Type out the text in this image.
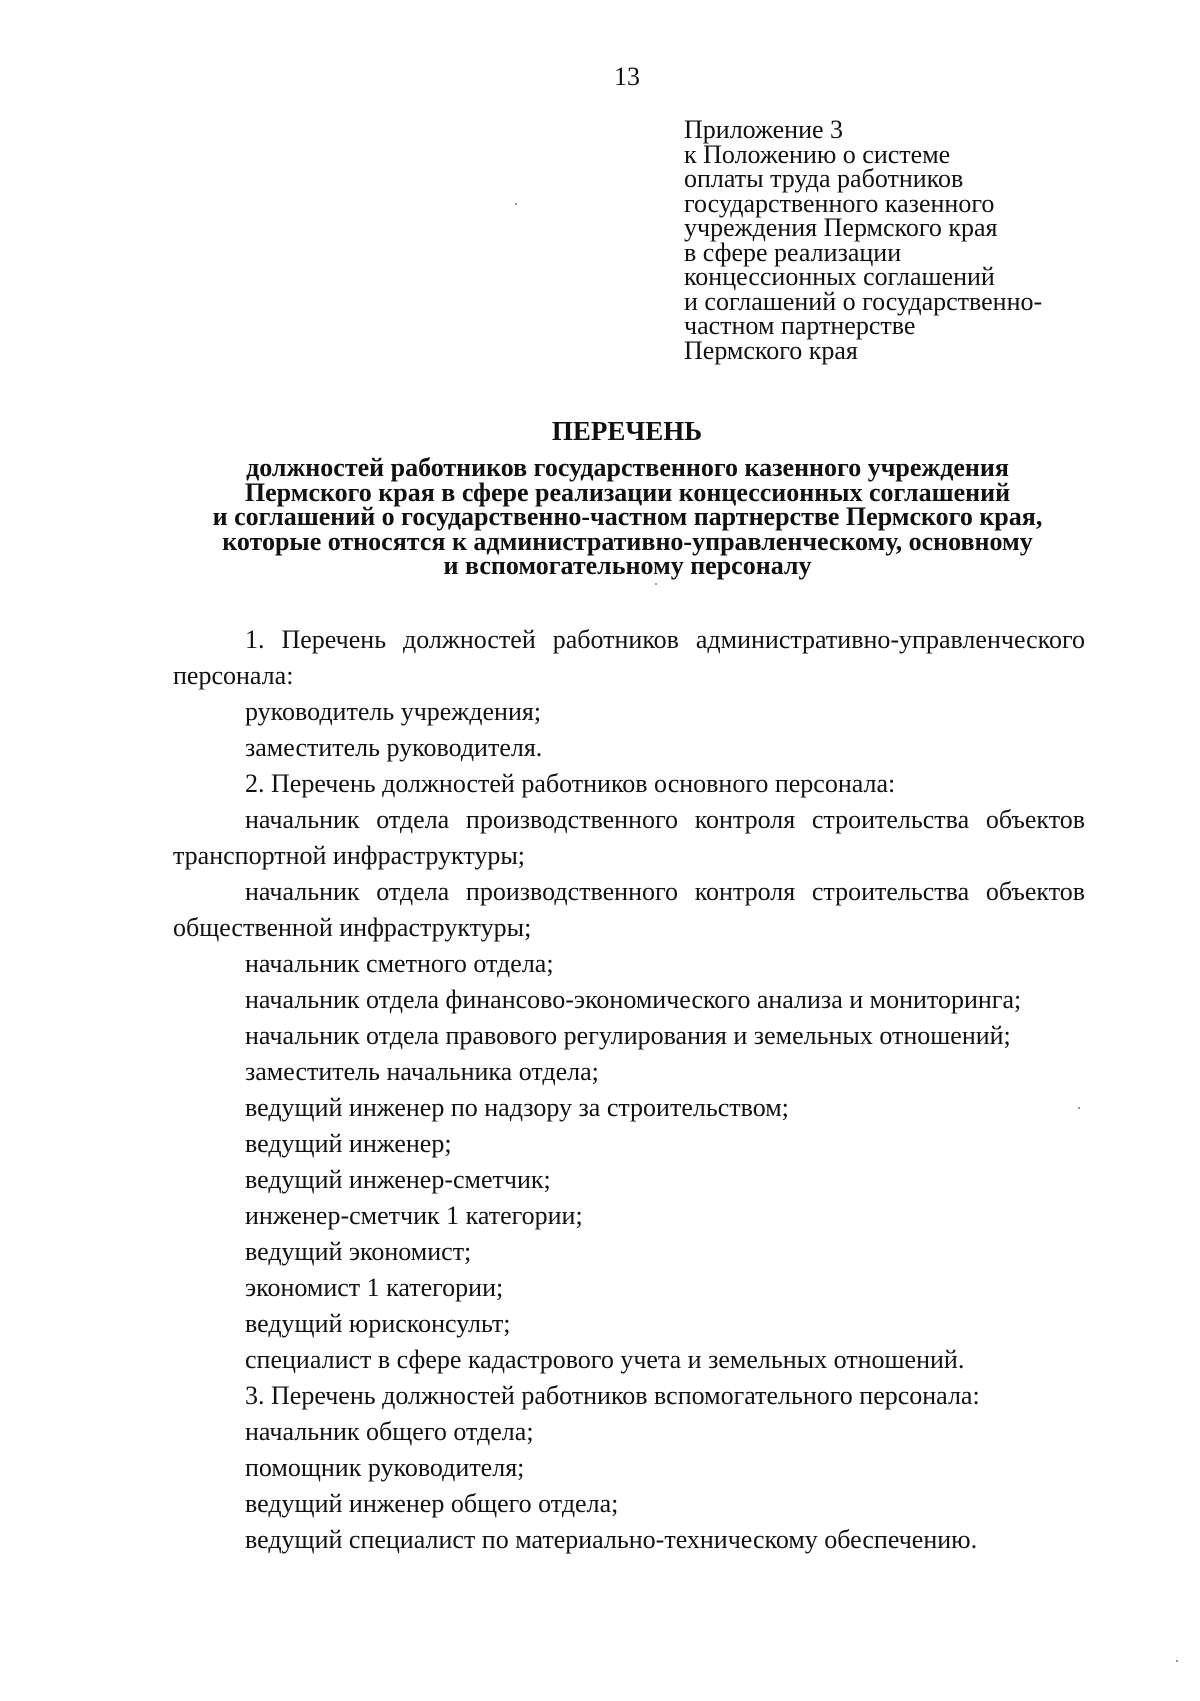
13
Приложение 3
к Положению о системе
оплаты труда работников
государственного казенного
учреждения Пермского края
в сфере реализации
концессионных соглашений
и соглашений о государственно-
частном партнерстве
Пермского края
ПЕРЕЧЕНЬ
должностей работников государственного казенного учреждения
Пермского края в сфере реализации концессионных соглашений
и соглашений о государственно-частном партнерстве Пермского края,
которые относятся к административно-управленческому, основному
и вспомогательному персоналу
1. Перечень должностей работников административно-управленческого персонала:
руководитель учреждения;
заместитель руководителя.
2. Перечень должностей работников основного персонала:
начальник отдела производственного контроля строительства объектов транспортной инфраструктуры;
начальник отдела производственного контроля строительства объектов общественной инфраструктуры;
начальник сметного отдела;
начальник отдела финансово-экономического анализа и мониторинга;
начальник отдела правового регулирования и земельных отношений;
заместитель начальника отдела;
ведущий инженер по надзору за строительством;
ведущий инженер;
ведущий инженер-сметчик;
инженер-сметчик 1 категории;
ведущий экономист;
экономист 1 категории;
ведущий юрисконсульт;
специалист в сфере кадастрового учета и земельных отношений.
3. Перечень должностей работников вспомогательного персонала:
начальник общего отдела;
помощник руководителя;
ведущий инженер общего отдела;
ведущий специалист по материально-техническому обеспечению.
